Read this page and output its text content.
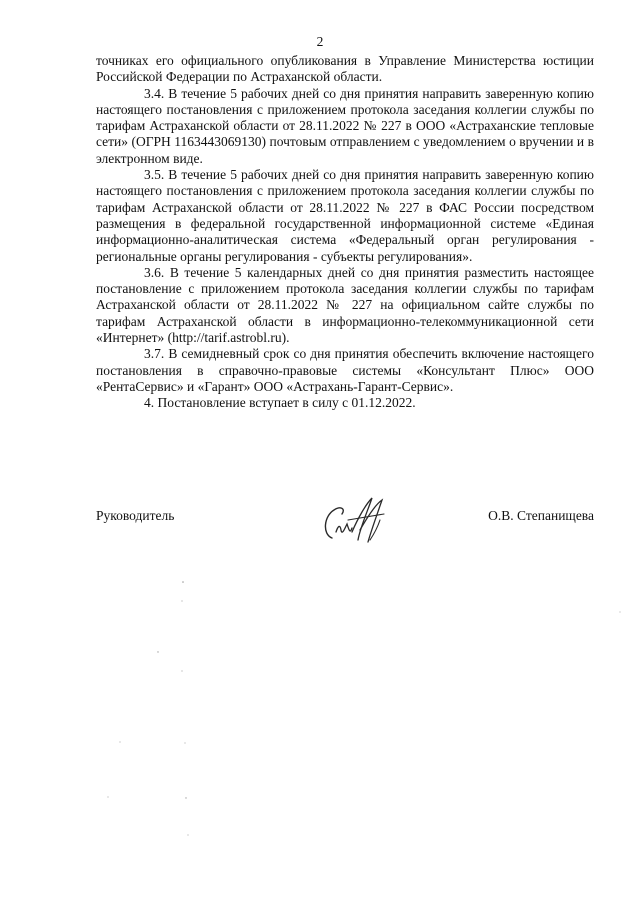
2

точниках его официального опубликования в Управление Министерства юстиции Российской Федерации по Астраханской области.

3.4. В течение 5 рабочих дней со дня принятия направить заверенную копию настоящего постановления с приложением протокола заседания коллегии службы по тарифам Астраханской области от 28.11.2022 № 227 в ООО «Астраханские тепловые сети» (ОГРН 1163443069130) почтовым отправлением с уведомлением о вручении и в электронном виде.

3.5. В течение 5 рабочих дней со дня принятия направить заверенную копию настоящего постановления с приложением протокола заседания коллегии службы по тарифам Астраханской области от 28.11.2022 № 227 в ФАС России посредством размещения в федеральной государственной информационной системе «Единая информационно-аналитическая система «Федеральный орган регулирования - региональные органы регулирования - субъекты регулирования».

3.6. В течение 5 календарных дней со дня принятия разместить настоящее постановление с приложением протокола заседания коллегии службы по тарифам Астраханской области от 28.11.2022 № 227 на официальном сайте службы по тарифам Астраханской области в информационно-телекоммуникационной сети «Интернет» (http://tarif.astrobl.ru).

3.7. В семидневный срок со дня принятия обеспечить включение настоящего постановления в справочно-правовые системы «Консультант Плюс» ООО «РентаСервис» и «Гарант» ООО «Астрахань-Гарант-Сервис».

4. Постановление вступает в силу с 01.12.2022.

Руководитель	О.В. Степанищева
